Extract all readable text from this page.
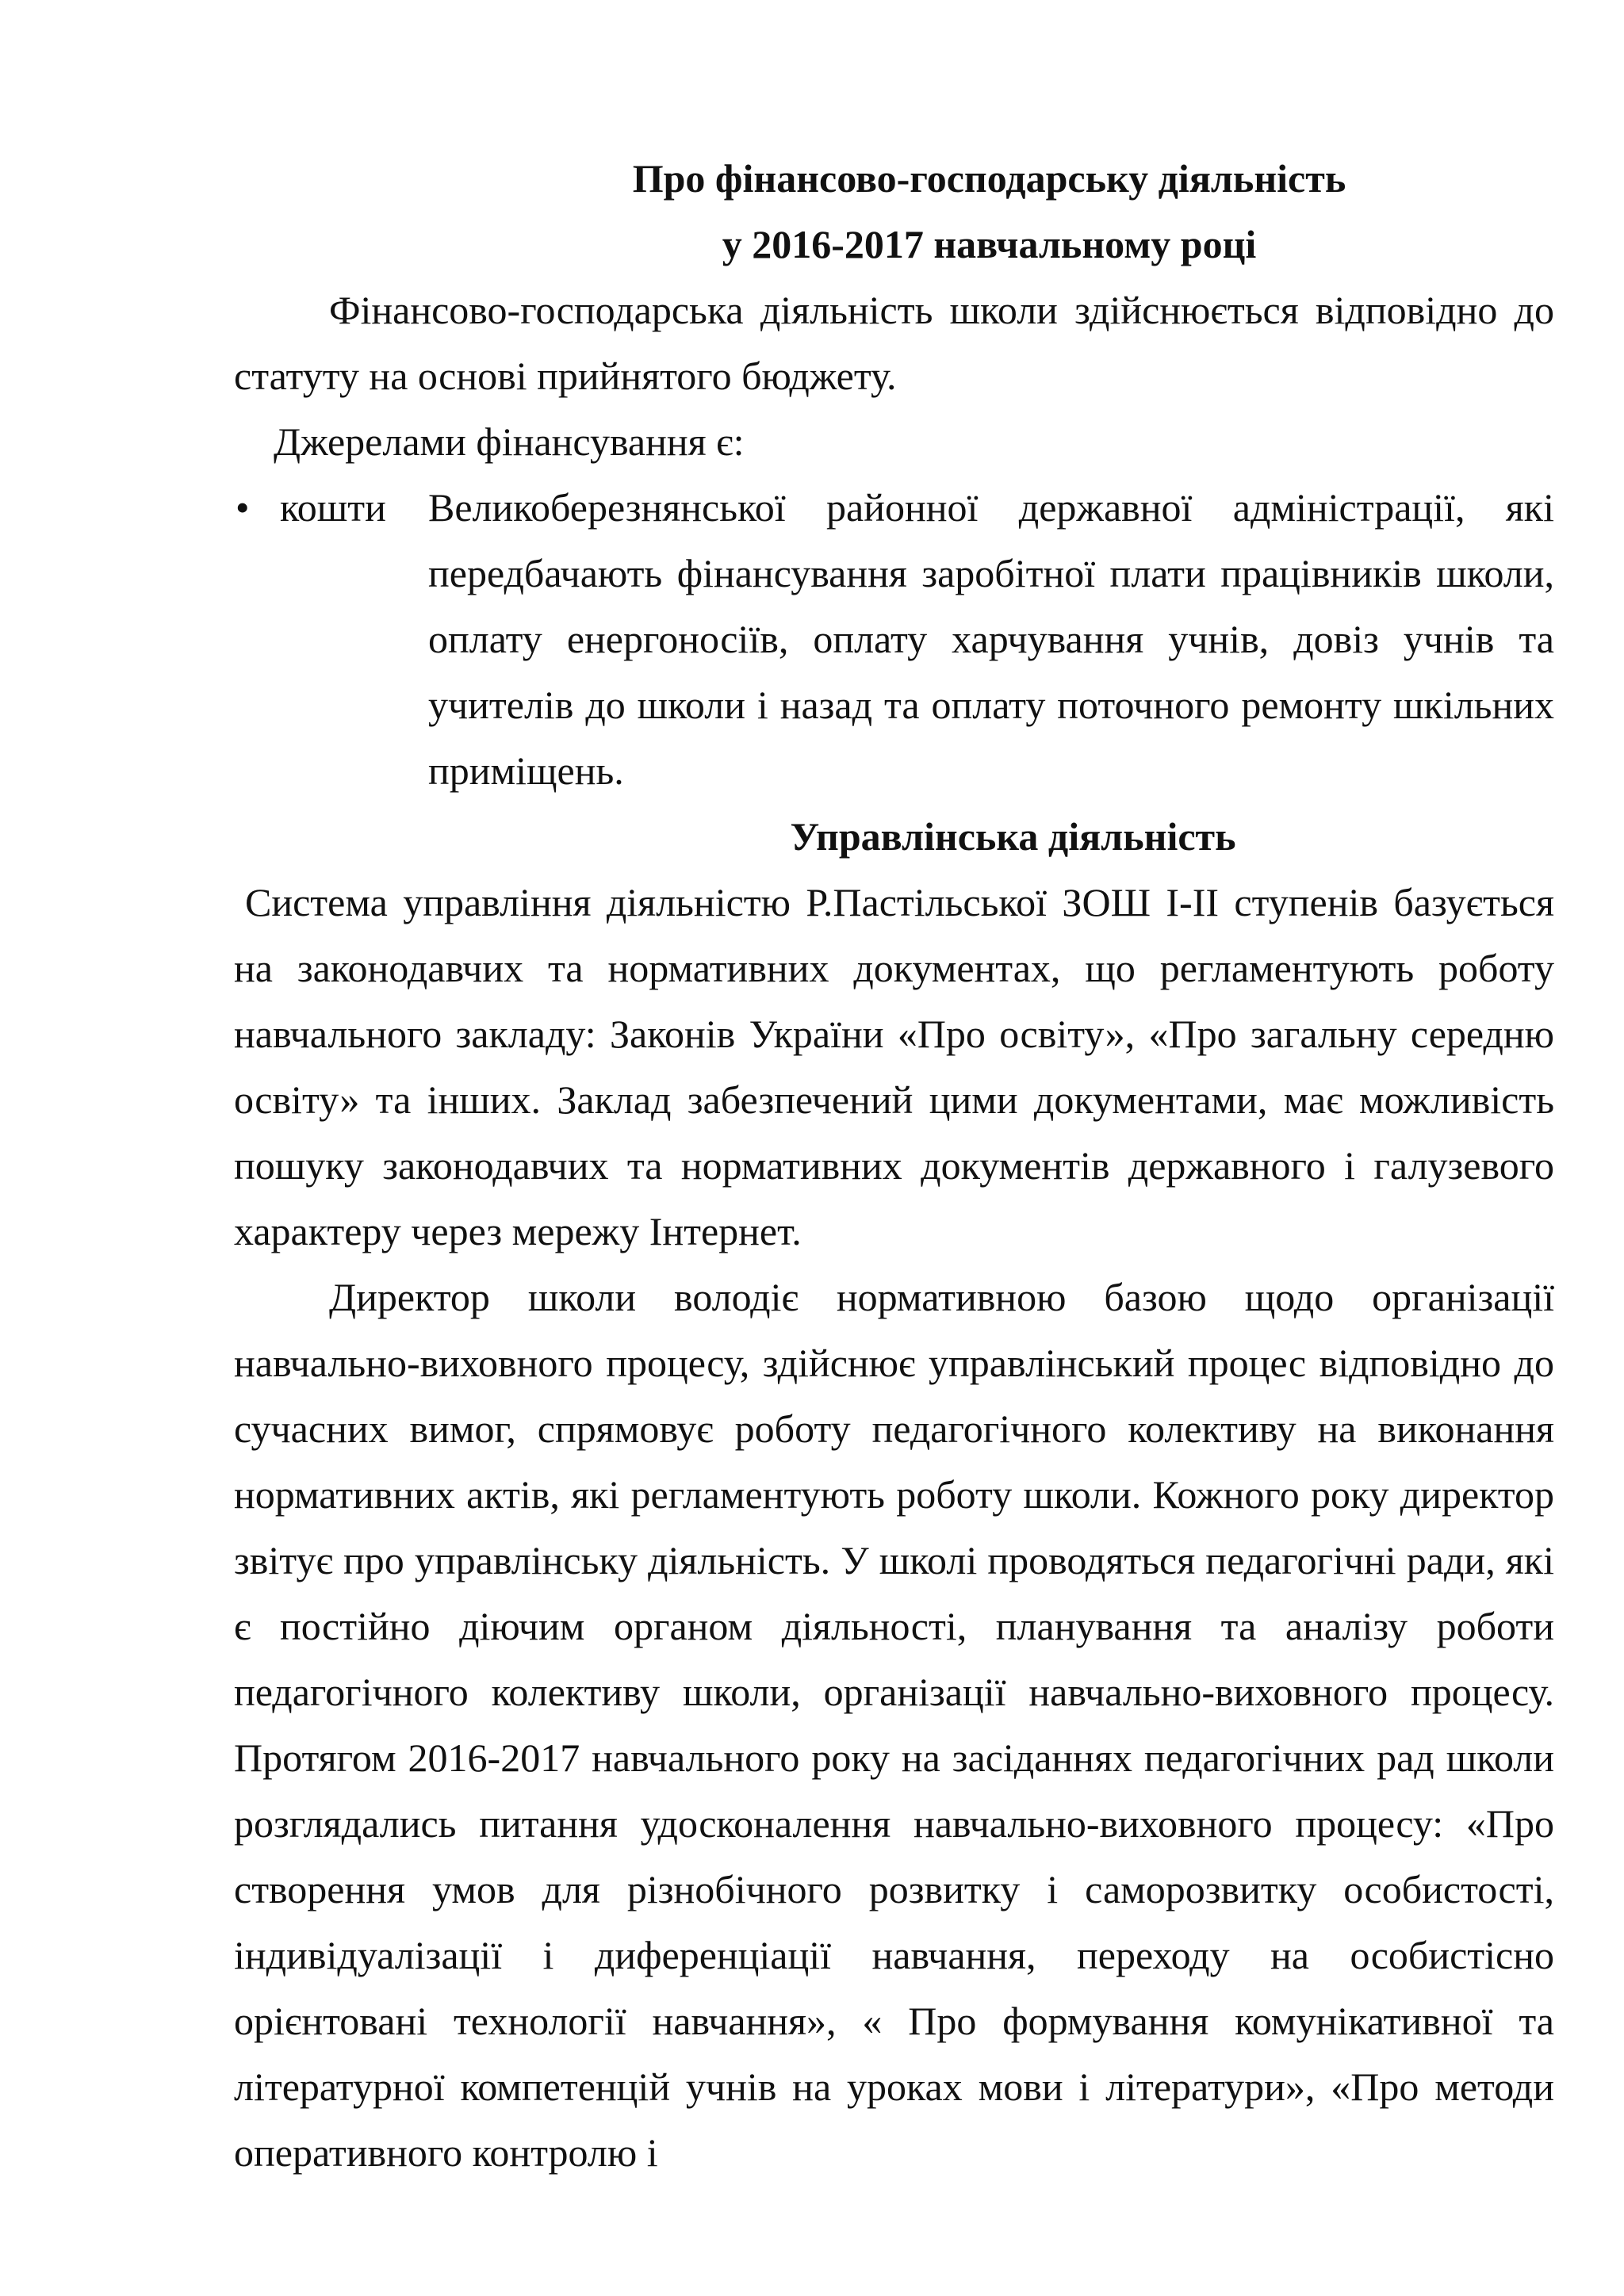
Про фінансово-господарську діяльність

у 2016-2017 навчальному році

Фінансово-господарська діяльність школи здійснюється відповідно до статуту на основі прийнятого бюджету.

Джерелами фінансування є:

• кошти Великоберезнянської районної державної адміністрації, які передбачають фінансування заробітної плати працівників школи, оплату енергоносіїв, оплату харчування учнів, довіз учнів та учителів до школи і назад та оплату поточного ремонту шкільних приміщень.

Управлінська діяльність

Система управління діяльністю Р.Пастільської ЗОШ І-ІІ ступенів базується на законодавчих та нормативних документах, що регламентують роботу навчального закладу: Законів України «Про освіту», «Про загальну середню освіту» та інших. Заклад забезпечений цими документами, має можливість пошуку законодавчих та нормативних документів державного і галузевого характеру через мережу Інтернет.

Директор школи володіє нормативною базою щодо організації навчально-виховного процесу, здійснює управлінський процес відповідно до сучасних вимог, спрямовує роботу педагогічного колективу на виконання нормативних актів, які регламентують роботу школи. Кожного року директор звітує про управлінську діяльність. У школі проводяться педагогічні ради, які є постійно діючим органом діяльності, планування та аналізу роботи педагогічного колективу школи, організації навчально-виховного процесу. Протягом 2016-2017 навчального року на засіданнях педагогічних рад школи розглядались питання удосконалення навчально-виховного процесу: «Про створення умов для різнобічного розвитку і саморозвитку особистості, індивідуалізації і диференціації навчання, переходу на особистісно орієнтовані технології навчання», « Про формування комунікативної та літературної компетенцій учнів на уроках мови і літератури», «Про методи оперативного контролю і
